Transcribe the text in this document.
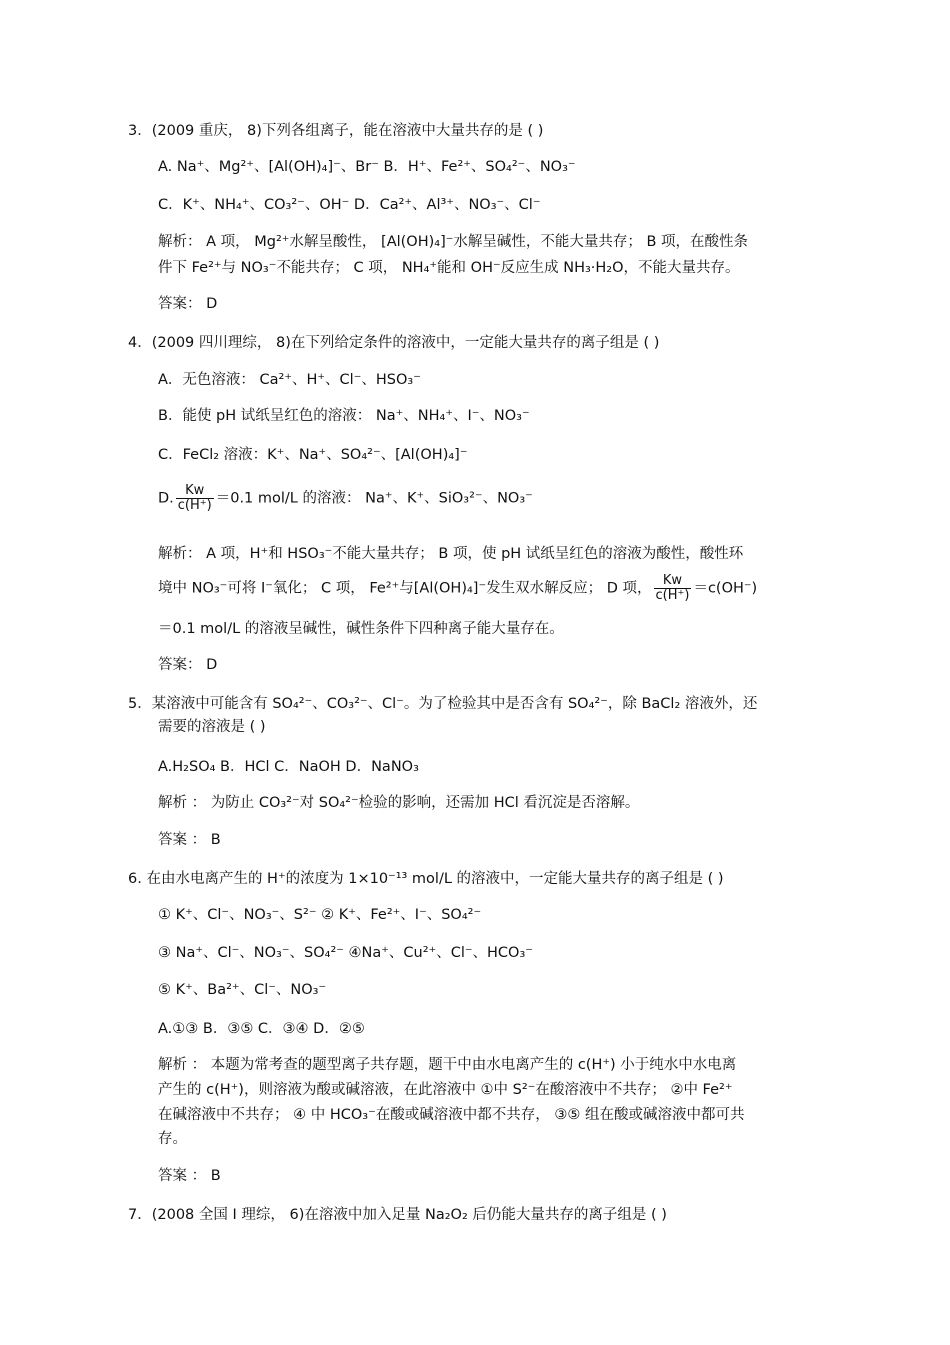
3．(2009 重庆， 8)下列各组离子，能在溶液中大量共存的是 ( )
A. Na⁺、Mg²⁺、[Al(OH)₄]⁻、Br⁻ B．H⁺、Fe²⁺、SO₄²⁻、NO₃⁻
C．K⁺、NH₄⁺、CO₃²⁻、OH⁻ D．Ca²⁺、Al³⁺、NO₃⁻、Cl⁻
解析： A 项， Mg²⁺水解呈酸性， [Al(OH)₄]⁻水解呈碱性，不能大量共存； B 项，在酸性条
件下 Fe²⁺与 NO₃⁻不能共存； C 项， NH₄⁺能和 OH⁻反应生成 NH₃·H₂O，不能大量共存。
答案： D
4．(2009 四川理综， 8)在下列给定条件的溶液中，一定能大量共存的离子组是 ( )
A．无色溶液： Ca²⁺、H⁺、Cl⁻、HSO₃⁻
B．能使 pH 试纸呈红色的溶液： Na⁺、NH₄⁺、I⁻、NO₃⁻
C．FeCl₂ 溶液：K⁺、Na⁺、SO₄²⁻、[Al(OH)₄]⁻
D. $\frac{Kw}{c(H^+)} =0.1$ mol/L 的溶液： Na⁺、K⁺、SiO₃²⁻、NO₃⁻
解析： A 项，H⁺和 HSO₃⁻不能大量共存； B 项，使 pH 试纸呈红色的溶液为酸性，酸性环
境中 NO₃⁻可将 I⁻氧化； C 项， Fe²⁺与[Al(OH)₄]⁻发生双水解反应； D 项， $\frac{Kw}{c(H^+)} =c(OH^-)$
＝0.1 mol/L 的溶液呈碱性，碱性条件下四种离子能大量存在。
答案： D
5．某溶液中可能含有 SO₄²⁻、CO₃²⁻、Cl⁻。为了检验其中是否含有 SO₄²⁻，除 BaCl₂ 溶液外，还
需要的溶液是 ( )
A.H₂SO₄ B．HCl C．NaOH D．NaNO₃
解析 ： 为防止 CO₃²⁻对 SO₄²⁻检验的影响，还需加 HCl 看沉淀是否溶解。
答案 ： B
6. 在由水电离产生的 H⁺的浓度为 1×10⁻¹³ mol/L 的溶液中，一定能大量共存的离子组是 ( )
① K⁺、Cl⁻、NO₃⁻、S²⁻ ② K⁺、Fe²⁺、I⁻、SO₄²⁻
③ Na⁺、Cl⁻、NO₃⁻、SO₄²⁻ ④Na⁺、Cu²⁺、Cl⁻、HCO₃⁻
⑤ K⁺、Ba²⁺、Cl⁻、NO₃⁻
A.①③ B．③⑤ C．③④ D．②⑤
解析 ： 本题为常考查的题型离子共存题，题干中由水电离产生的 c(H⁺) 小于纯水中水电离
产生的 c(H⁺)，则溶液为酸或碱溶液，在此溶液中 ①中 S²⁻在酸溶液中不共存； ②中 Fe²⁺
在碱溶液中不共存； ④ 中 HCO₃⁻在酸或碱溶液中都不共存， ③⑤ 组在酸或碱溶液中都可共
存。
答案 ： B
7．(2008 全国 Ⅰ 理综， 6)在溶液中加入足量 Na₂O₂ 后仍能大量共存的离子组是 ( )
